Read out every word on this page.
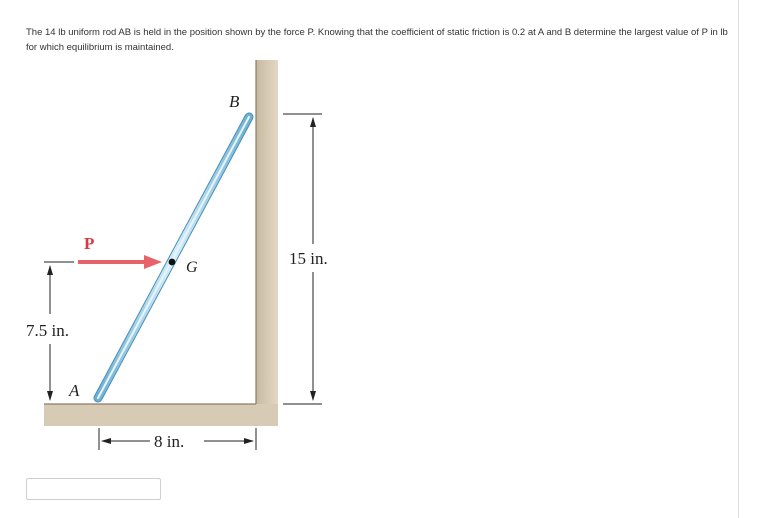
The 14 lb uniform rod AB is held in the position shown by the force P. Knowing that the coefficient of static friction is 0.2 at A and B determine the largest value of P in lb for which equilibrium is maintained.
G
B
A
P
7.5 in.
15 in.
8 in.
